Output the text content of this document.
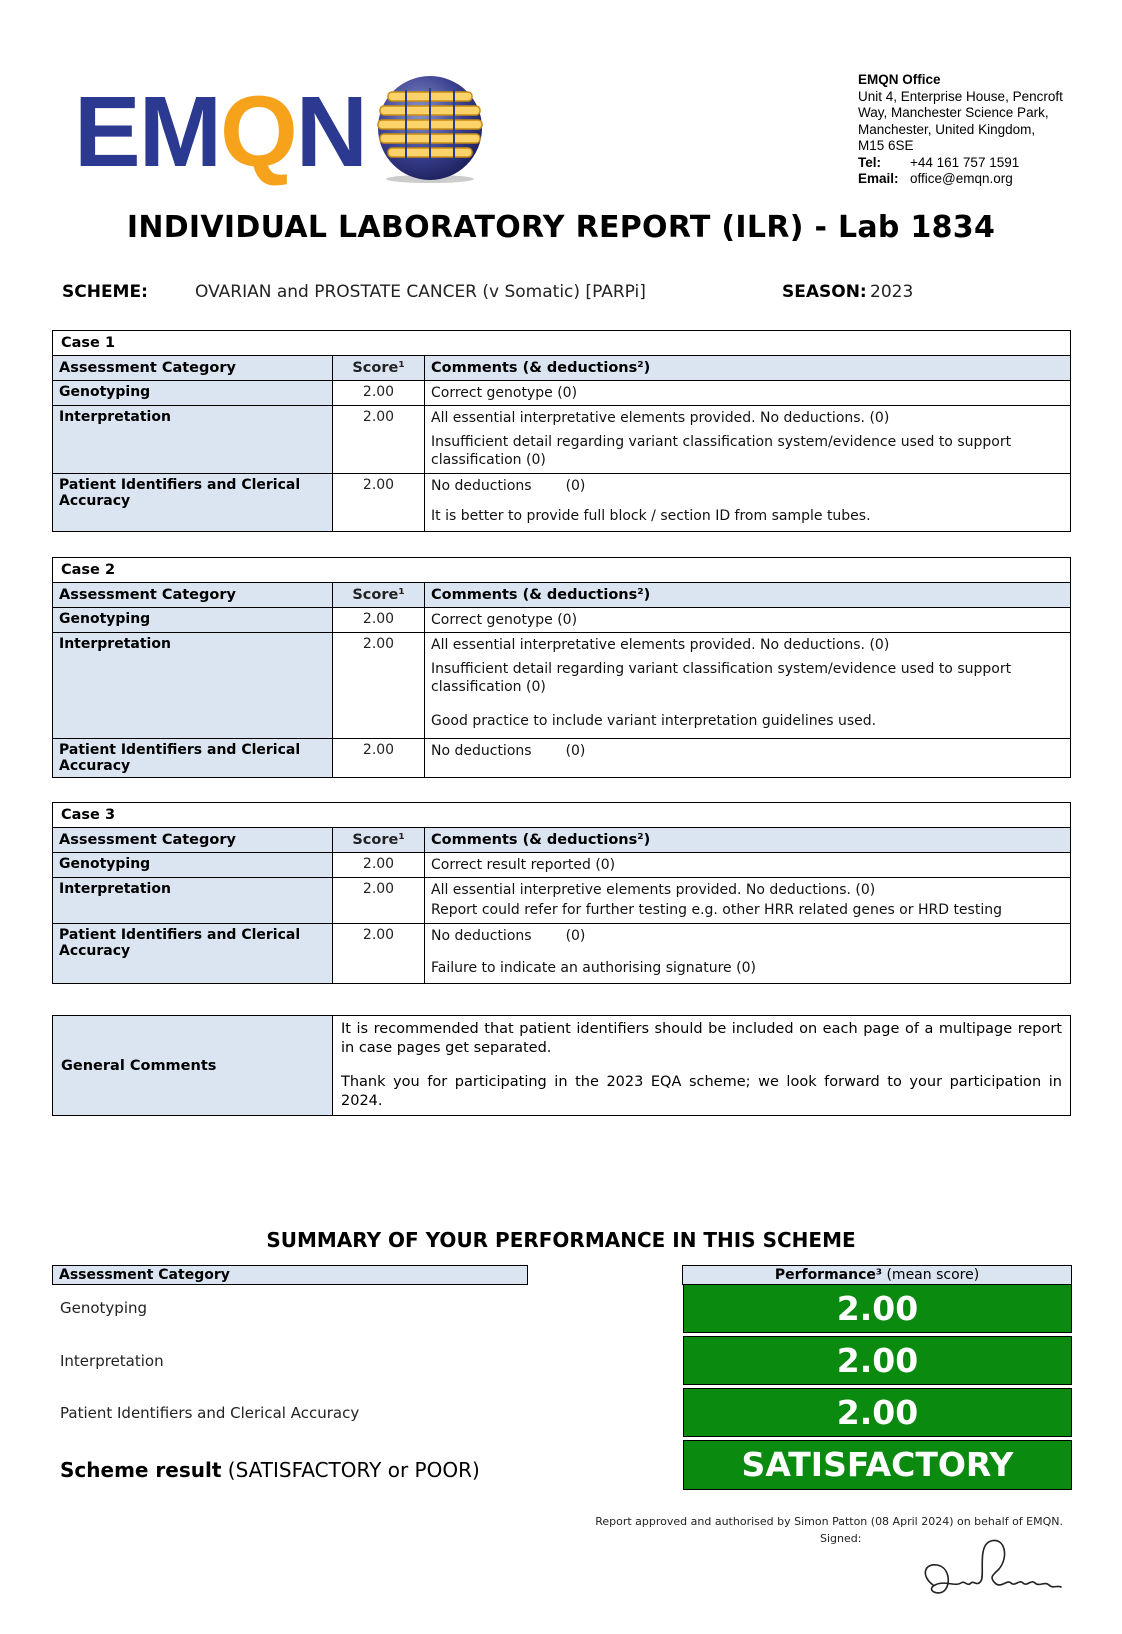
EMQN	EMQN Office
Unit 4, Enterprise House, Pencroft
Way, Manchester Science Park,
Manchester, United Kingdom,
M15 6SE
Tel:	+44 161 757 1591
Email: office@emqn.org
INDIVIDUAL LABORATORY REPORT (ILR) - Lab 1834
SCHEME:	OVARIAN and PROSTATE CANCER (v Somatic) [PARPi]	SEASON: 2023
Case 1		
Assessment Category	Score¹	Comments (& deductions²)
Genotyping	2.00	Correct genotype (0)

Interpretation	2.00	All essential interpretative elements provided. No deductions. (0)

Insufficient detail regarding variant classification system/evidence used to support classification (0)

Patient Identifiers and Clerical Accuracy	2.00	No deductions (0)

It is better to provide full block / section ID from sample tubes.

Case 2		
Assessment Category	Score¹	Comments (& deductions²)
Genotyping	2.00	Correct genotype (0)

Interpretation	2.00	All essential interpretative elements provided. No deductions. (0)

Insufficient detail regarding variant classification system/evidence used to support classification (0)

Good practice to include variant interpretation guidelines used.

Patient Identifiers and Clerical Accuracy	2.00	No deductions (0)

Case 3		
Assessment Category	Score¹	Comments (& deductions²)
Genotyping	2.00	Correct result reported (0)

Interpretation	2.00	All essential interpretive elements provided. No deductions. (0)

Report could refer for further testing e.g. other HRR related genes or HRD testing

Patient Identifiers and Clerical Accuracy	2.00	No deductions (0)

Failure to indicate an authorising signature (0)

General Comments	

It is recommended that patient identifiers should be included on each page of a multipage report in case pages get separated.

Thank you for participating in the 2023 EQA scheme; we look forward to your participation in 2024.

SUMMARY OF YOUR PERFORMANCE IN THIS SCHEME
Assessment Category	Performance³ (mean score)
Genotyping	2.00
Interpretation	2.00
Patient Identifiers and Clerical Accuracy	2.00
Scheme result (SATISFACTORY or POOR)	SATISFACTORY
Report approved and authorised by Simon Patton (08 April 2024) on behalf of EMQN.
Signed:
